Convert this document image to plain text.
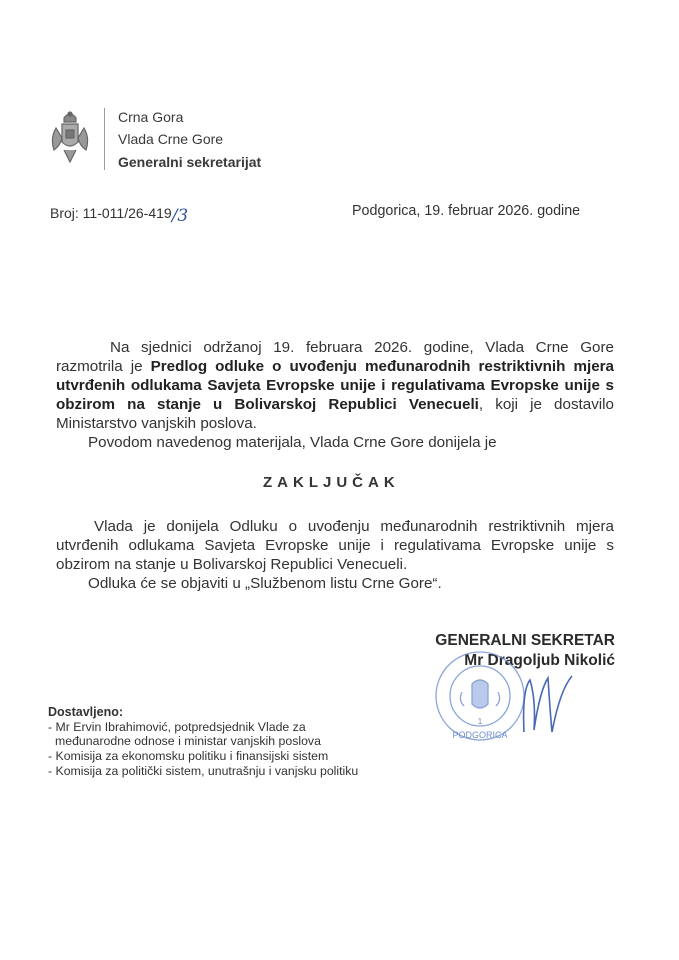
Crna Gora
Vlada Crne Gore
Generalni sekretarijat
Broj: 11-011/26-419/3	Podgorica, 19. februar 2026. godine
Na sjednici održanoj 19. februara 2026. godine, Vlada Crne Gore razmotrila je Predlog odluke o uvođenju međunarodnih restriktivnih mjera utvrđenih odlukama Savjeta Evropske unije i regulativama Evropske unije s obzirom na stanje u Bolivarskoj Republici Venecueli, koji je dostavilo Ministarstvo vanjskih poslova.
Povodom navedenog materijala, Vlada Crne Gore donijela je
ZAKLJUČAK
Vlada je donijela Odluku o uvođenju međunarodnih restriktivnih mjera utvrđenih odlukama Savjeta Evropske unije i regulativama Evropske unije s obzirom na stanje u Bolivarskoj Republici Venecueli.
Odluka će se objaviti u „Službenom listu Crne Gore“.
GENERALNI SEKRETAR
Mr Dragoljub Nikolić
PODGORICA
1
Dostavljeno:
- Mr Ervin Ibrahimović, potpredsjednik Vlade za
međunarodne odnose i ministar vanjskih poslova
- Komisija za ekonomsku politiku i finansijski sistem
- Komisija za politički sistem, unutrašnju i vanjsku politiku
